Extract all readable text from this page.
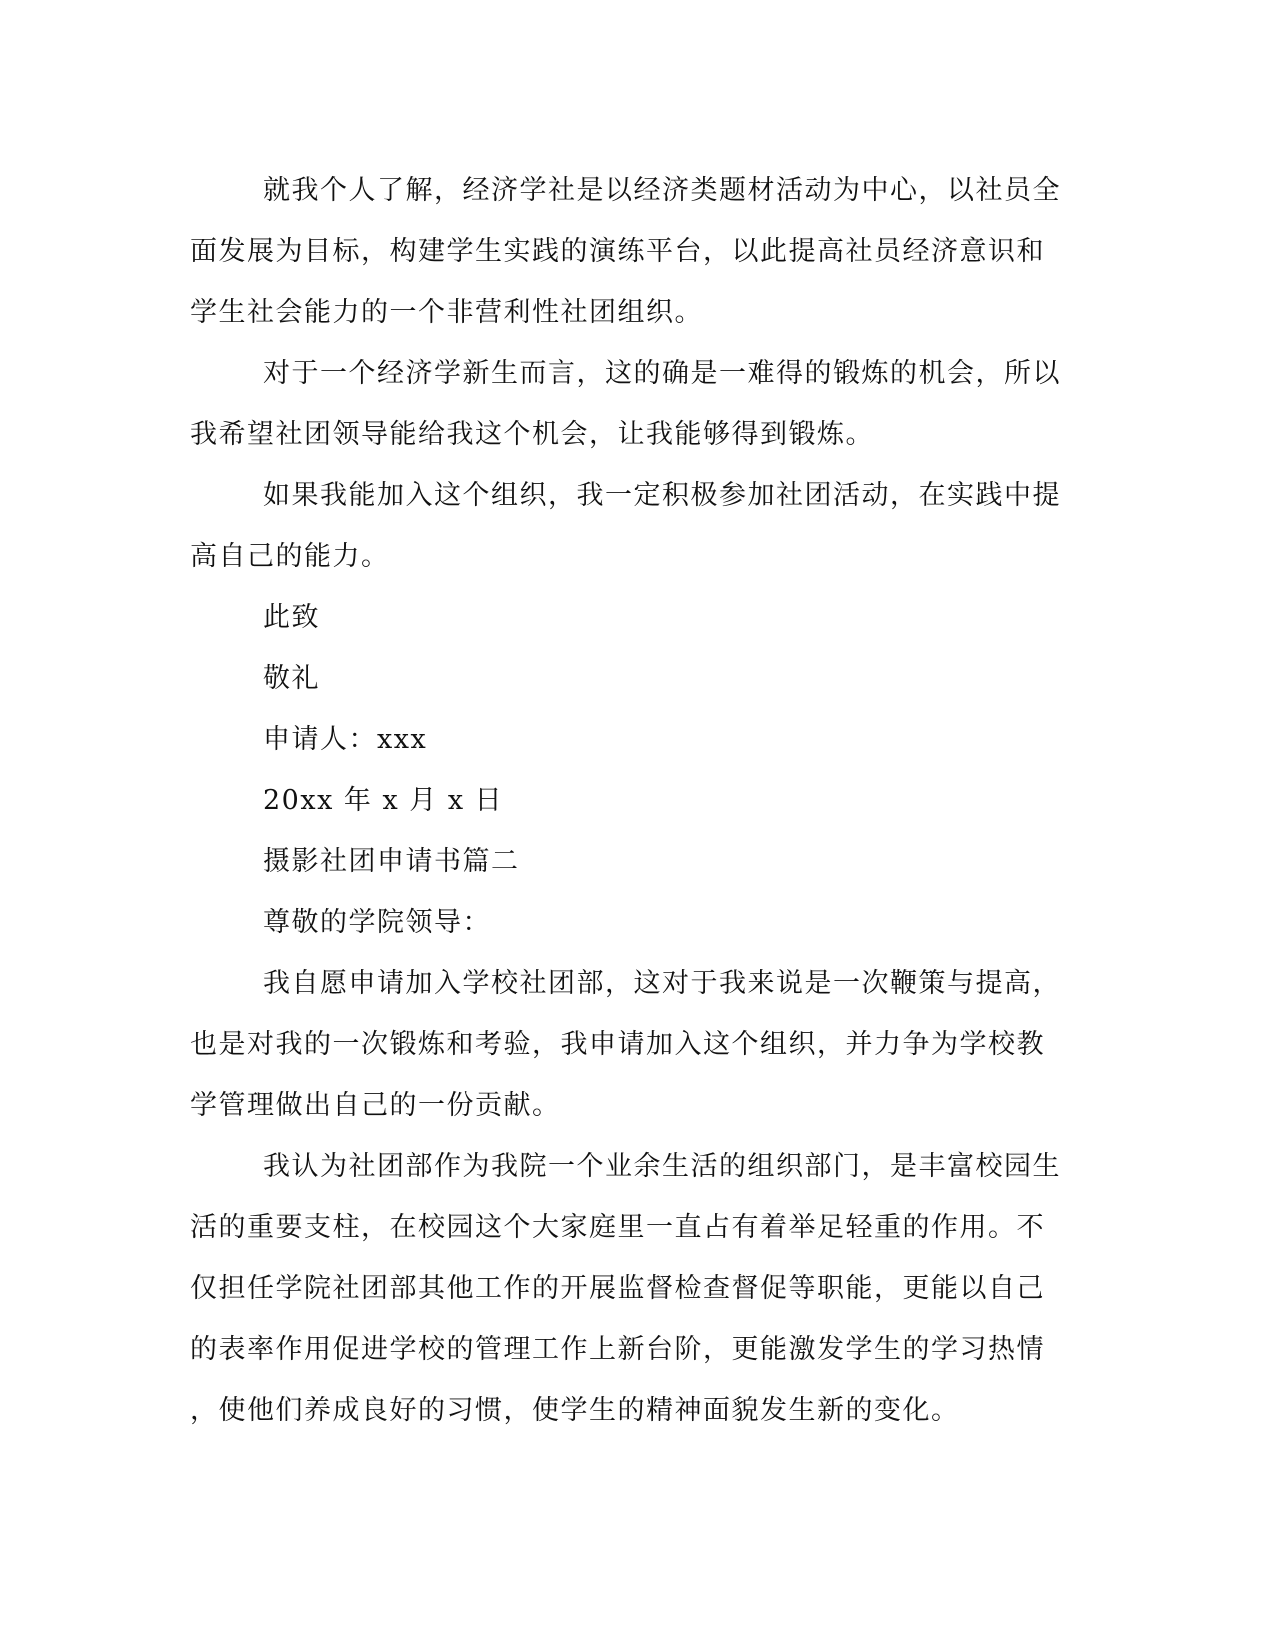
就我个人了解，经济学社是以经济类题材活动为中心，以社员全
面发展为目标，构建学生实践的演练平台，以此提高社员经济意识和
学生社会能力的一个非营利性社团组织。
对于一个经济学新生而言，这的确是一难得的锻炼的机会，所以
我希望社团领导能给我这个机会，让我能够得到锻炼。
如果我能加入这个组织，我一定积极参加社团活动，在实践中提
高自己的能力。
此致
敬礼
申请人：xxx
20xx 年 x 月 x 日
摄影社团申请书篇二
尊敬的学院领导：
我自愿申请加入学校社团部，这对于我来说是一次鞭策与提高，
也是对我的一次锻炼和考验，我申请加入这个组织，并力争为学校教
学管理做出自己的一份贡献。
我认为社团部作为我院一个业余生活的组织部门，是丰富校园生
活的重要支柱，在校园这个大家庭里一直占有着举足轻重的作用。不
仅担任学院社团部其他工作的开展监督检查督促等职能，更能以自己
的表率作用促进学校的管理工作上新台阶，更能激发学生的学习热情
，使他们养成良好的习惯，使学生的精神面貌发生新的变化。
